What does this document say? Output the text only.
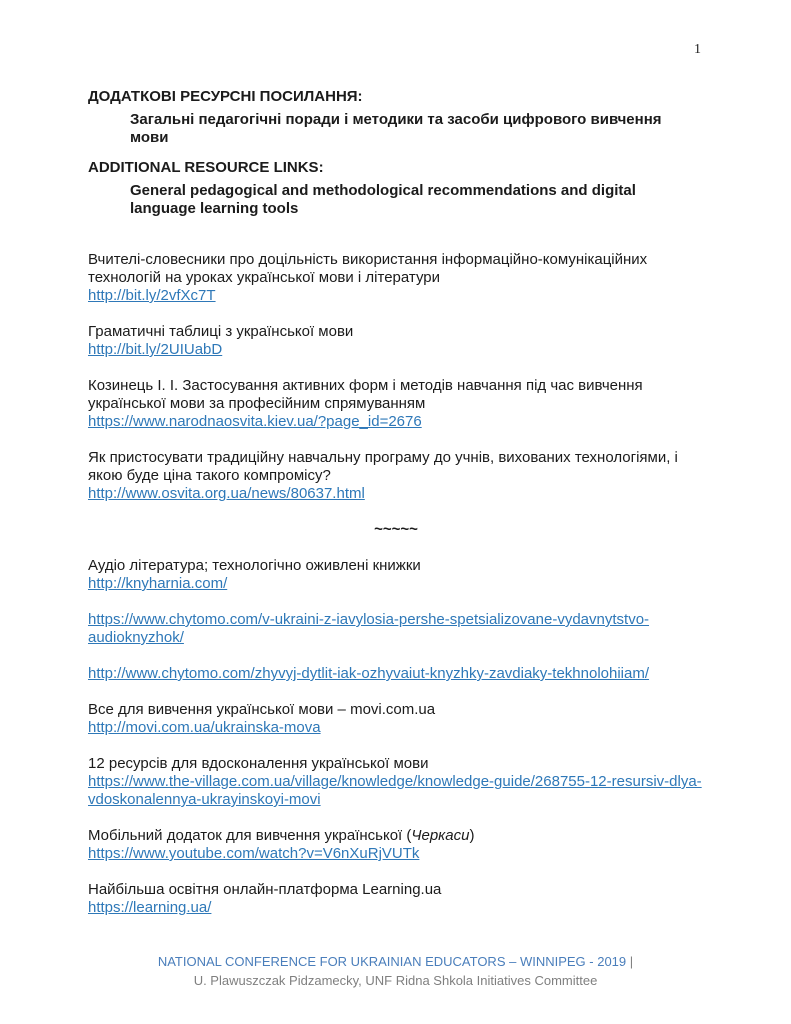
1

ДОДАТКОВІ РЕСУРСНІ ПОСИЛАННЯ:

Загальні педагогічні поради і методики та засоби цифрового вивчення мови

ADDITIONAL RESOURCE LINKS:

General pedagogical and methodological recommendations and digital language learning tools

Вчителі-словесники про доцільність використання інформаційно-комунікаційних технологій на уроках української мови і літератури
http://bit.ly/2vfXc7T

Граматичні таблиці з української мови
http://bit.ly/2UIUabD

Козинець І. І. Застосування активних форм і методів навчання під час вивчення української мови за професійним спрямуванням
https://www.narodnaosvita.kiev.ua/?page_id=2676

Як пристосувати традиційну навчальну програму до учнів, вихованих технологіями, і якою буде ціна такого компромісу?
http://www.osvita.org.ua/news/80637.html

~~~~~

Аудіо література; технологічно оживлені книжки
http://knyharnia.com/

https://www.chytomo.com/v-ukraini-z-iavylosia-pershe-spetsializovane-vydavnytstvo-audioknyzhok/

http://www.chytomo.com/zhyvyj-dytlit-iak-ozhyvaiut-knyzhky-zavdiaky-tekhnolohiiam/

Все для вивчення української мови – movi.com.ua
http://movi.com.ua/ukrainska-mova

12 ресурсів для вдосконалення української мови
https://www.the-village.com.ua/village/knowledge/knowledge-guide/268755-12-resursiv-dlya-vdoskonalennya-ukrayinskoyi-movi

Мобільний додаток для вивчення української (Черкаси)
https://www.youtube.com/watch?v=V6nXuRjVUTk

Найбільша освітня онлайн-платформа Learning.ua
https://learning.ua/

NATIONAL CONFERENCE FOR UKRAINIAN EDUCATORS – WINNIPEG - 2019 |
U. Plawuszczak Pidzamecky, UNF Ridna Shkola Initiatives Committee
